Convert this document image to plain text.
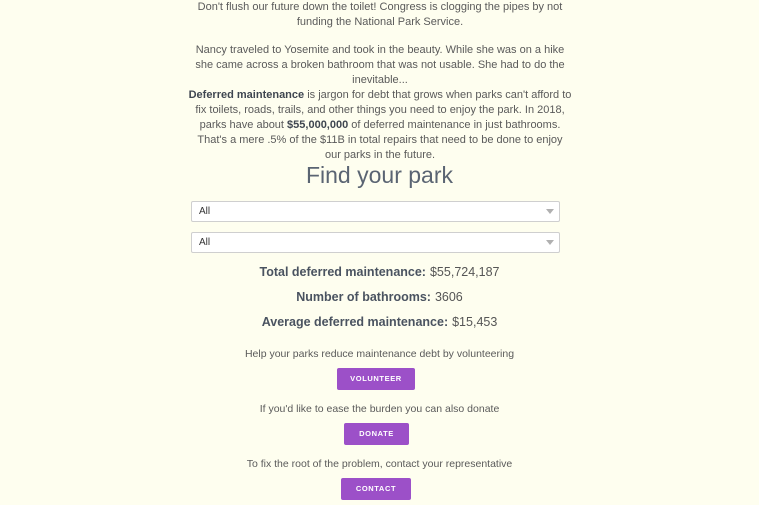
Don't flush our future down the toilet! Congress is clogging the pipes by not funding the National Park Service.

Nancy traveled to Yosemite and took in the beauty. While she was on a hike she came across a broken bathroom that was not usable. She had to do the inevitable...

Deferred maintenance is jargon for debt that grows when parks can't afford to fix toilets, roads, trails, and other things you need to enjoy the park. In 2018, parks have about $55,000,000 of deferred maintenance in just bathrooms. That's a mere .5% of the $11B in total repairs that need to be done to enjoy our parks in the future.

Find your park
All
All
Total deferred maintenance: $55,724,187
Number of bathrooms: 3606
Average deferred maintenance: $15,453
Help your parks reduce maintenance debt by volunteering
VOLUNTEER
If you'd like to ease the burden you can also donate
DONATE
To fix the root of the problem, contact your representative
CONTACT
